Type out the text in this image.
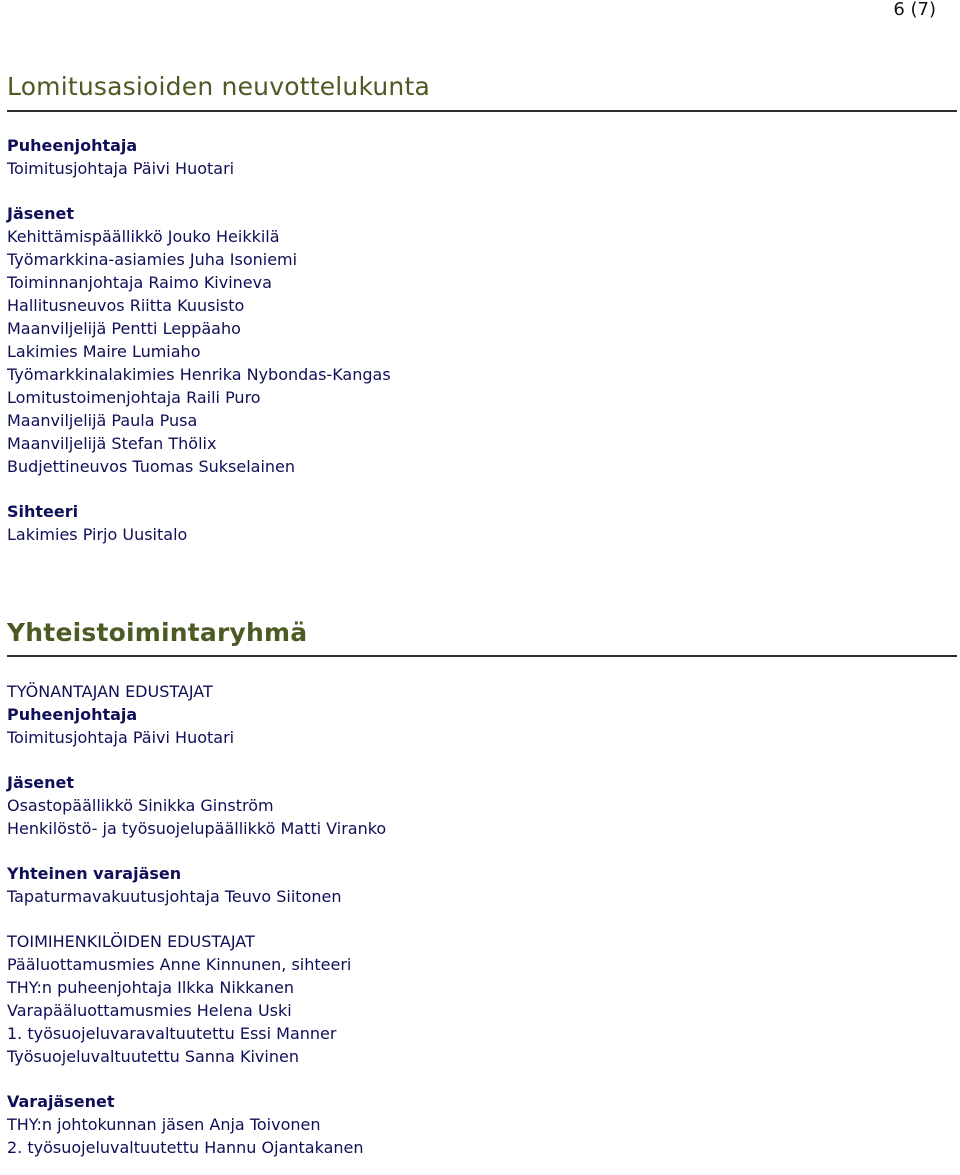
6 (7)
Lomitusasioiden neuvottelukunta
Puheenjohtaja
Toimitusjohtaja Päivi Huotari
Jäsenet
Kehittämispäällikkö Jouko Heikkilä
Työmarkkina-asiamies Juha Isoniemi
Toiminnanjohtaja Raimo Kivineva
Hallitusneuvos Riitta Kuusisto
Maanviljelijä Pentti Leppäaho
Lakimies Maire Lumiaho
Työmarkkinalakimies Henrika Nybondas-Kangas
Lomitustoimenjohtaja Raili Puro
Maanviljelijä Paula Pusa
Maanviljelijä Stefan Thölix
Budjettineuvos Tuomas Sukselainen
Sihteeri
Lakimies Pirjo Uusitalo
Yhteistoimintaryhmä
TYÖNANTAJAN EDUSTAJAT
Puheenjohtaja
Toimitusjohtaja Päivi Huotari
Jäsenet
Osastopäällikkö Sinikka Ginström
Henkilöstö- ja työsuojelupäällikkö Matti Viranko
Yhteinen varajäsen
Tapaturmavakuutusjohtaja Teuvo Siitonen
TOIMIHENKILÖIDEN EDUSTAJAT
Pääluottamusmies Anne Kinnunen, sihteeri
THY:n puheenjohtaja Ilkka Nikkanen
Varapääluottamusmies Helena Uski
1. työsuojeluvaravaltuutettu Essi Manner
Työsuojeluvaltuutettu Sanna Kivinen
Varajäsenet
THY:n johtokunnan jäsen Anja Toivonen
2. työsuojeluvaltuutettu Hannu Ojantakanen
